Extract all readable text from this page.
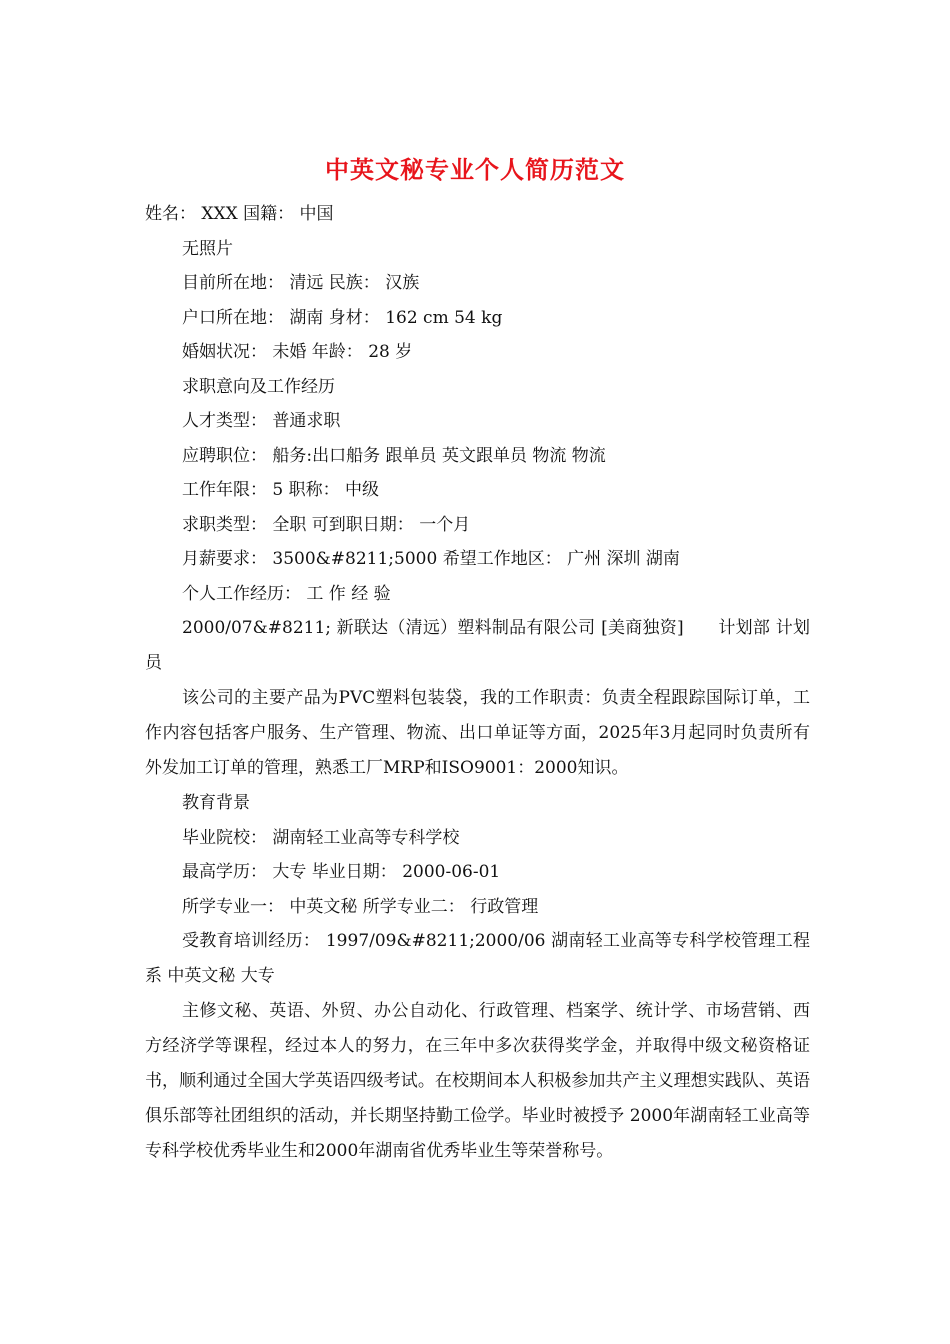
中英文秘专业个人简历范文

姓名： XXX 国籍： 中国

无照片

目前所在地： 清远 民族： 汉族

户口所在地： 湖南 身材： 162 cm 54 kg

婚姻状况： 未婚 年龄： 28 岁

求职意向及工作经历

人才类型： 普通求职

应聘职位： 船务:出口船务 跟单员 英文跟单员 物流 物流

工作年限： 5 职称： 中级

求职类型： 全职 可到职日期： 一个月

月薪要求： 3500&#8211;5000 希望工作地区： 广州 深圳 湖南

个人工作经历： 工 作 经 验

2000/07&#8211; 新联达（清远）塑料制品有限公司 [美商独资]　　计划部 计划员

该公司的主要产品为PVC塑料包装袋，我的工作职责：负责全程跟踪国际订单，工作内容包括客户服务、生产管理、物流、出口单证等方面，2025年3月起同时负责所有外发加工订单的管理，熟悉工厂MRP和ISO9001：2000知识。

教育背景

毕业院校： 湖南轻工业高等专科学校

最高学历： 大专 毕业日期： 2000-06-01

所学专业一： 中英文秘 所学专业二： 行政管理

受教育培训经历： 1997/09&#8211;2000/06 湖南轻工业高等专科学校管理工程系 中英文秘 大专

主修文秘、英语、外贸、办公自动化、行政管理、档案学、统计学、市场营销、西方经济学等课程，经过本人的努力，在三年中多次获得奖学金，并取得中级文秘资格证书，顺利通过全国大学英语四级考试。在校期间本人积极参加共产主义理想实践队、英语俱乐部等社团组织的活动，并长期坚持勤工俭学。毕业时被授予 2000年湖南轻工业高等专科学校优秀毕业生和2000年湖南省优秀毕业生等荣誉称号。
